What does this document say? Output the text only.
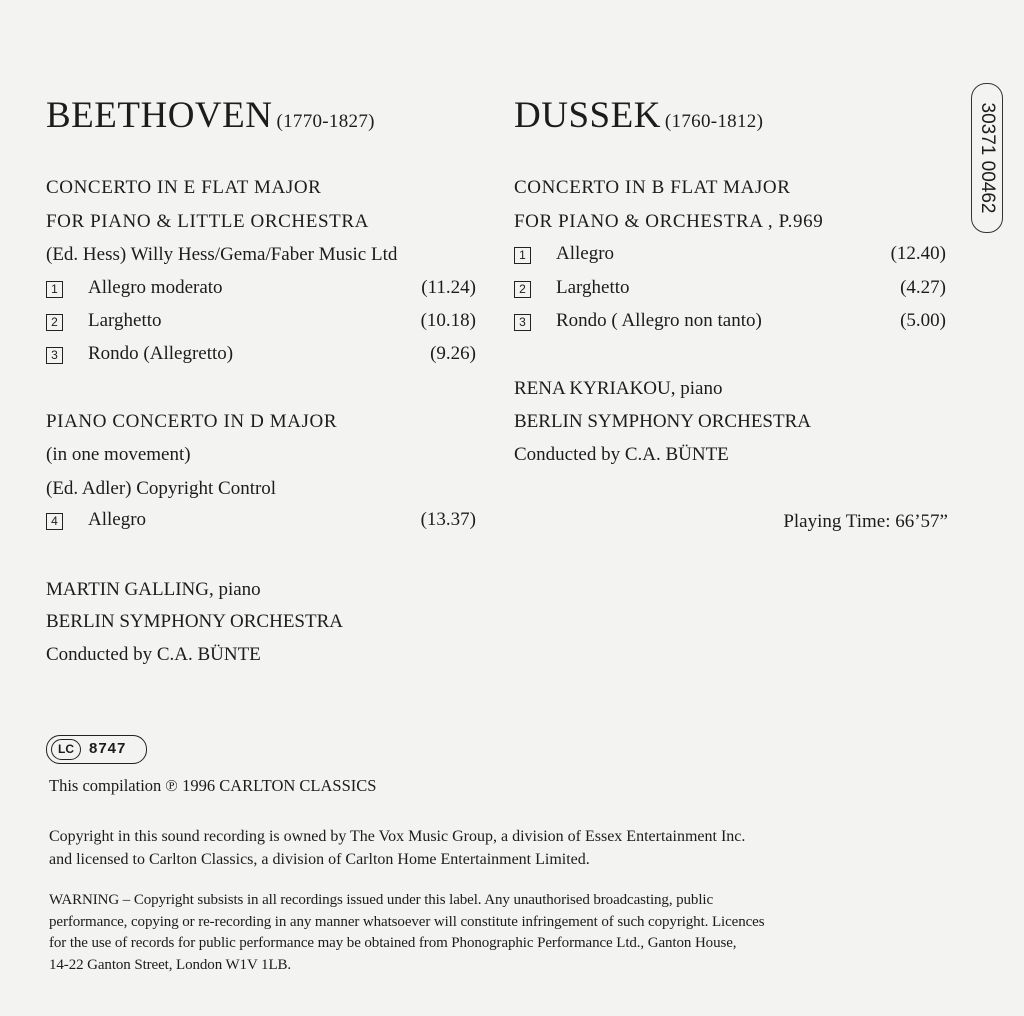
30371 00462
BEETHOVEN (1770-1827)
CONCERTO IN E FLAT MAJOR
FOR PIANO & LITTLE ORCHESTRA
(Ed. Hess) Willy Hess/Gema/Faber Music Ltd
1 Allegro moderato	(11.24)
2 Larghetto	(10.18)
3 Rondo (Allegretto)	(9.26)
PIANO CONCERTO IN D MAJOR
(in one movement)
(Ed. Adler) Copyright Control
4 Allegro	(13.37)
MARTIN GALLING, piano
BERLIN SYMPHONY ORCHESTRA
Conducted by C.A. BÜNTE
DUSSEK (1760-1812)
CONCERTO IN B FLAT MAJOR
FOR PIANO & ORCHESTRA , P.969
1 Allegro	(12.40)
2 Larghetto	(4.27)
3 Rondo ( Allegro non tanto)	(5.00)
RENA KYRIAKOU, piano
BERLIN SYMPHONY ORCHESTRA
Conducted by C.A. BÜNTE
Playing Time: 66’57”
LC	8747
This compilation ℗ 1996 CARLTON CLASSICS
Copyright in this sound recording is owned by The Vox Music Group, a division of Essex Entertainment Inc.
and licensed to Carlton Classics, a division of Carlton Home Entertainment Limited.
WARNING – Copyright subsists in all recordings issued under this label. Any unauthorised broadcasting, public
performance, copying or re-recording in any manner whatsoever will constitute infringement of such copyright. Licences
for the use of records for public performance may be obtained from Phonographic Performance Ltd., Ganton House,
14-22 Ganton Street, London W1V 1LB.
